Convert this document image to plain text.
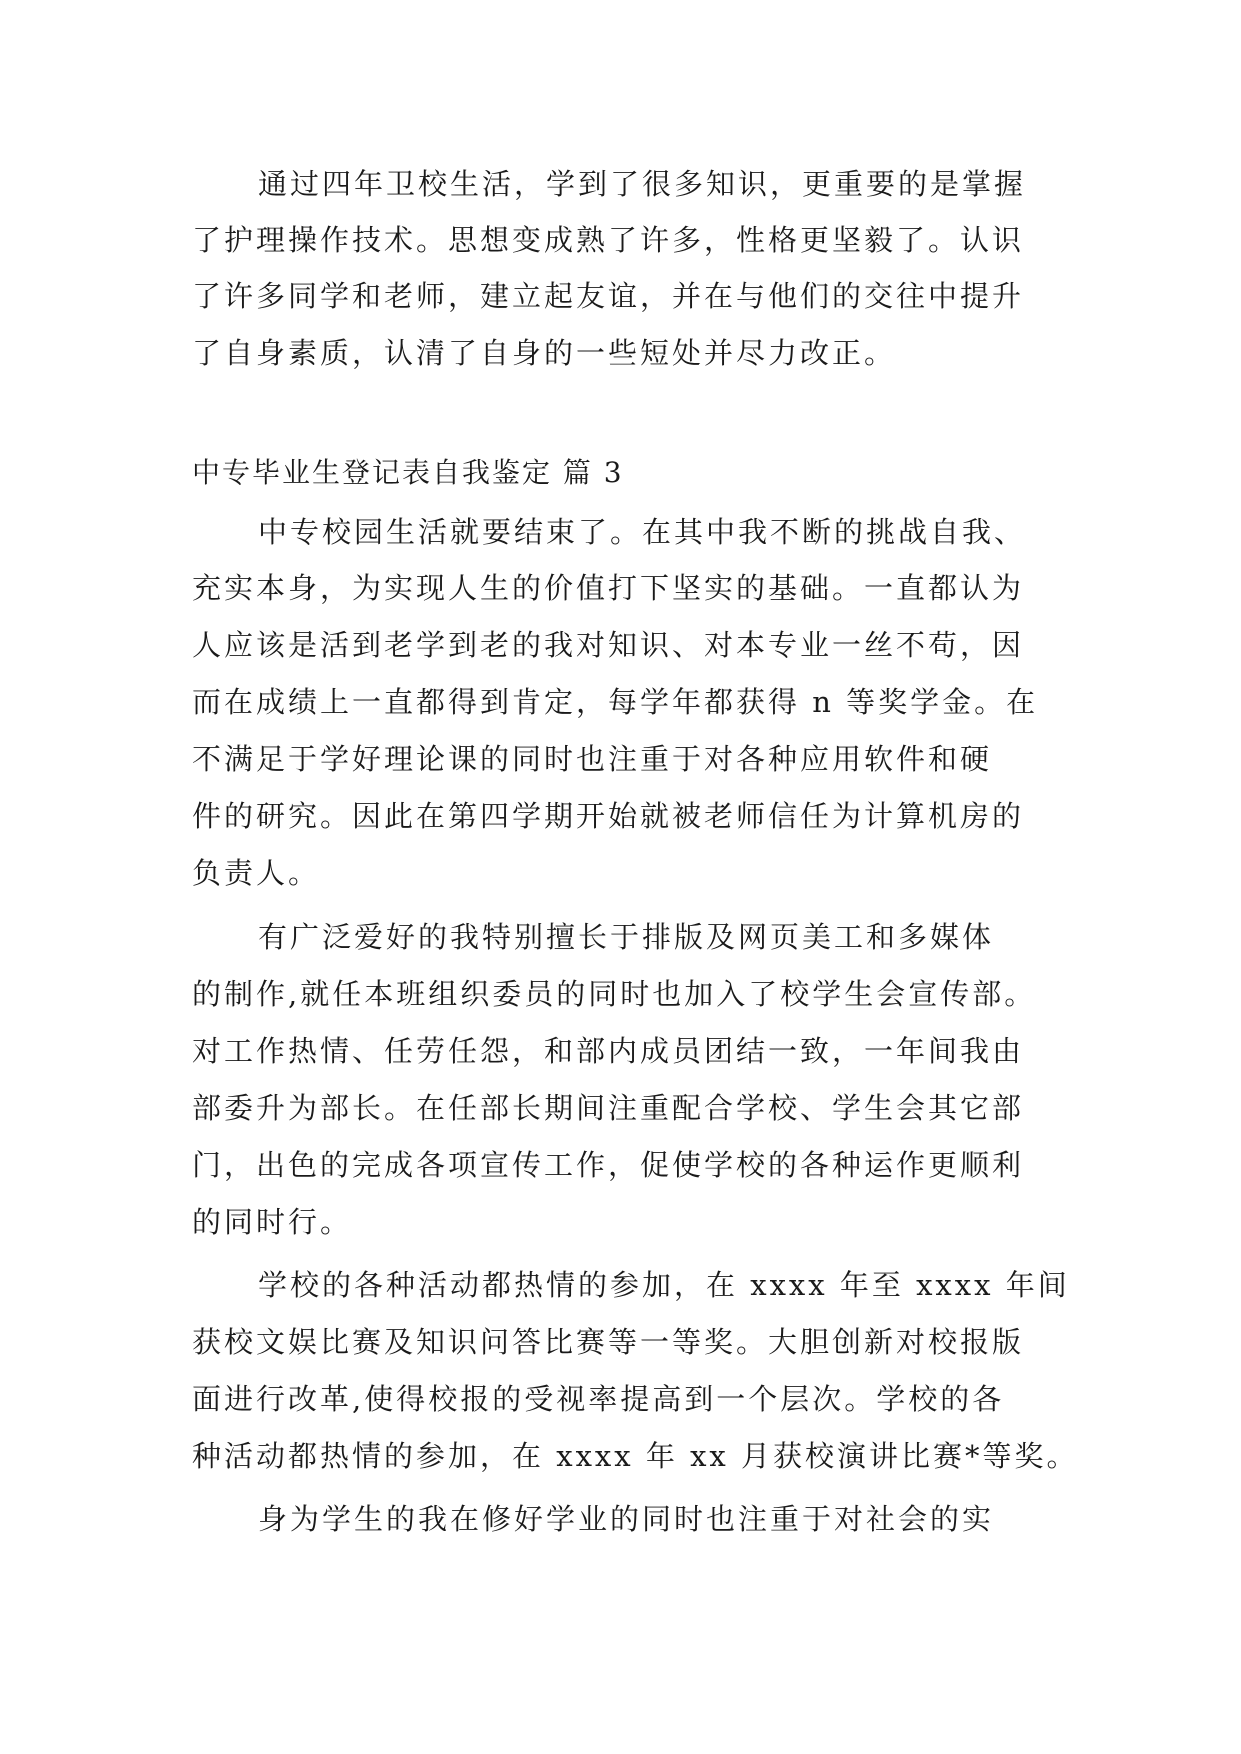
通过四年卫校生活，学到了很多知识，更重要的是掌握
了护理操作技术。思想变成熟了许多，性格更坚毅了。认识
了许多同学和老师，建立起友谊，并在与他们的交往中提升
了自身素质，认清了自身的一些短处并尽力改正。
中专毕业生登记表自我鉴定 篇 3
中专校园生活就要结束了。在其中我不断的挑战自我、
充实本身，为实现人生的价值打下坚实的基础。一直都认为
人应该是活到老学到老的我对知识、对本专业一丝不苟，因
而在成绩上一直都得到肯定，每学年都获得 n 等奖学金。在
不满足于学好理论课的同时也注重于对各种应用软件和硬
件的研究。因此在第四学期开始就被老师信任为计算机房的
负责人。
有广泛爱好的我特别擅长于排版及网页美工和多媒体
的制作,就任本班组织委员的同时也加入了校学生会宣传部。
对工作热情、任劳任怨，和部内成员团结一致，一年间我由
部委升为部长。在任部长期间注重配合学校、学生会其它部
门，出色的完成各项宣传工作，促使学校的各种运作更顺利
的同时行。
学校的各种活动都热情的参加，在 xxxx 年至 xxxx 年间
获校文娱比赛及知识问答比赛等一等奖。大胆创新对校报版
面进行改革,使得校报的受视率提高到一个层次。学校的各
种活动都热情的参加，在 xxxx 年 xx 月获校演讲比赛*等奖。
身为学生的我在修好学业的同时也注重于对社会的实
